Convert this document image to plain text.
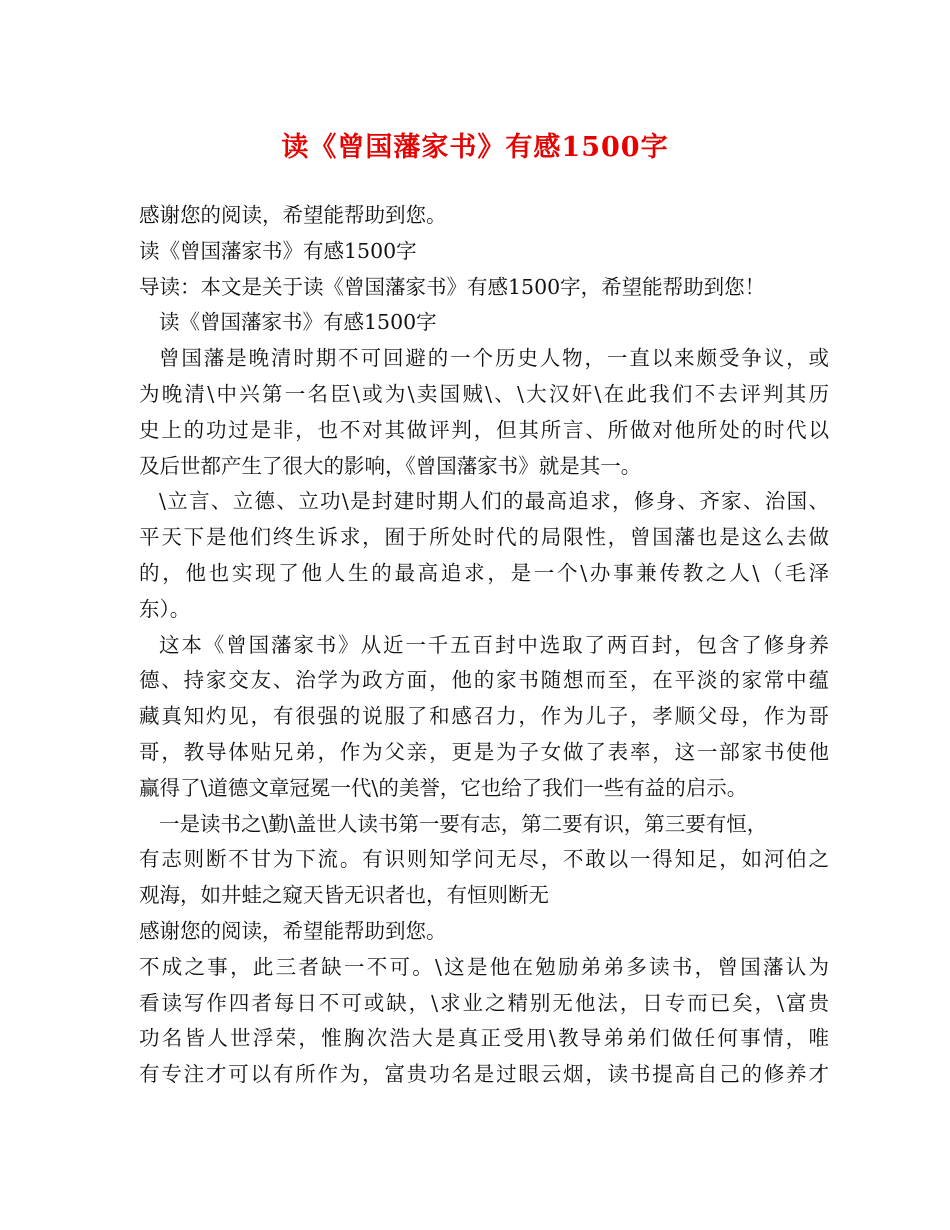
读《曾国藩家书》有感1500字
感谢您的阅读，希望能帮助到您。
读《曾国藩家书》有感1500字
导读：本文是关于读《曾国藩家书》有感1500字，希望能帮助到您！
读《曾国藩家书》有感1500字
曾国藩是晚清时期不可回避的一个历史人物，一直以来颇受争议，或
为晚清\中兴第一名臣\或为\卖国贼\、\大汉奸\在此我们不去评判其历
史上的功过是非，也不对其做评判，但其所言、所做对他所处的时代以
及后世都产生了很大的影响，《曾国藩家书》就是其一。
\立言、立德、立功\是封建时期人们的最高追求，修身、齐家、治国、
平天下是他们终生诉求，囿于所处时代的局限性，曾国藩也是这么去做
的，他也实现了他人生的最高追求，是一个\办事兼传教之人\（毛泽
东）。
这本《曾国藩家书》从近一千五百封中选取了两百封，包含了修身养
德、持家交友、治学为政方面，他的家书随想而至，在平淡的家常中蕴
藏真知灼见，有很强的说服了和感召力，作为儿子，孝顺父母，作为哥
哥，教导体贴兄弟，作为父亲，更是为子女做了表率，这一部家书使他
赢得了\道德文章冠冕一代\的美誉，它也给了我们一些有益的启示。
一是读书之\勤\盖世人读书第一要有志，第二要有识，第三要有恒，
有志则断不甘为下流。有识则知学问无尽，不敢以一得知足，如河伯之
观海，如井蛙之窥天皆无识者也，有恒则断无
感谢您的阅读，希望能帮助到您。
不成之事，此三者缺一不可。\这是他在勉励弟弟多读书，曾国藩认为
看读写作四者每日不可或缺，\求业之精别无他法，日专而已矣，\富贵
功名皆人世浮荣，惟胸次浩大是真正受用\教导弟弟们做任何事情，唯
有专注才可以有所作为，富贵功名是过眼云烟，读书提高自己的修养才
